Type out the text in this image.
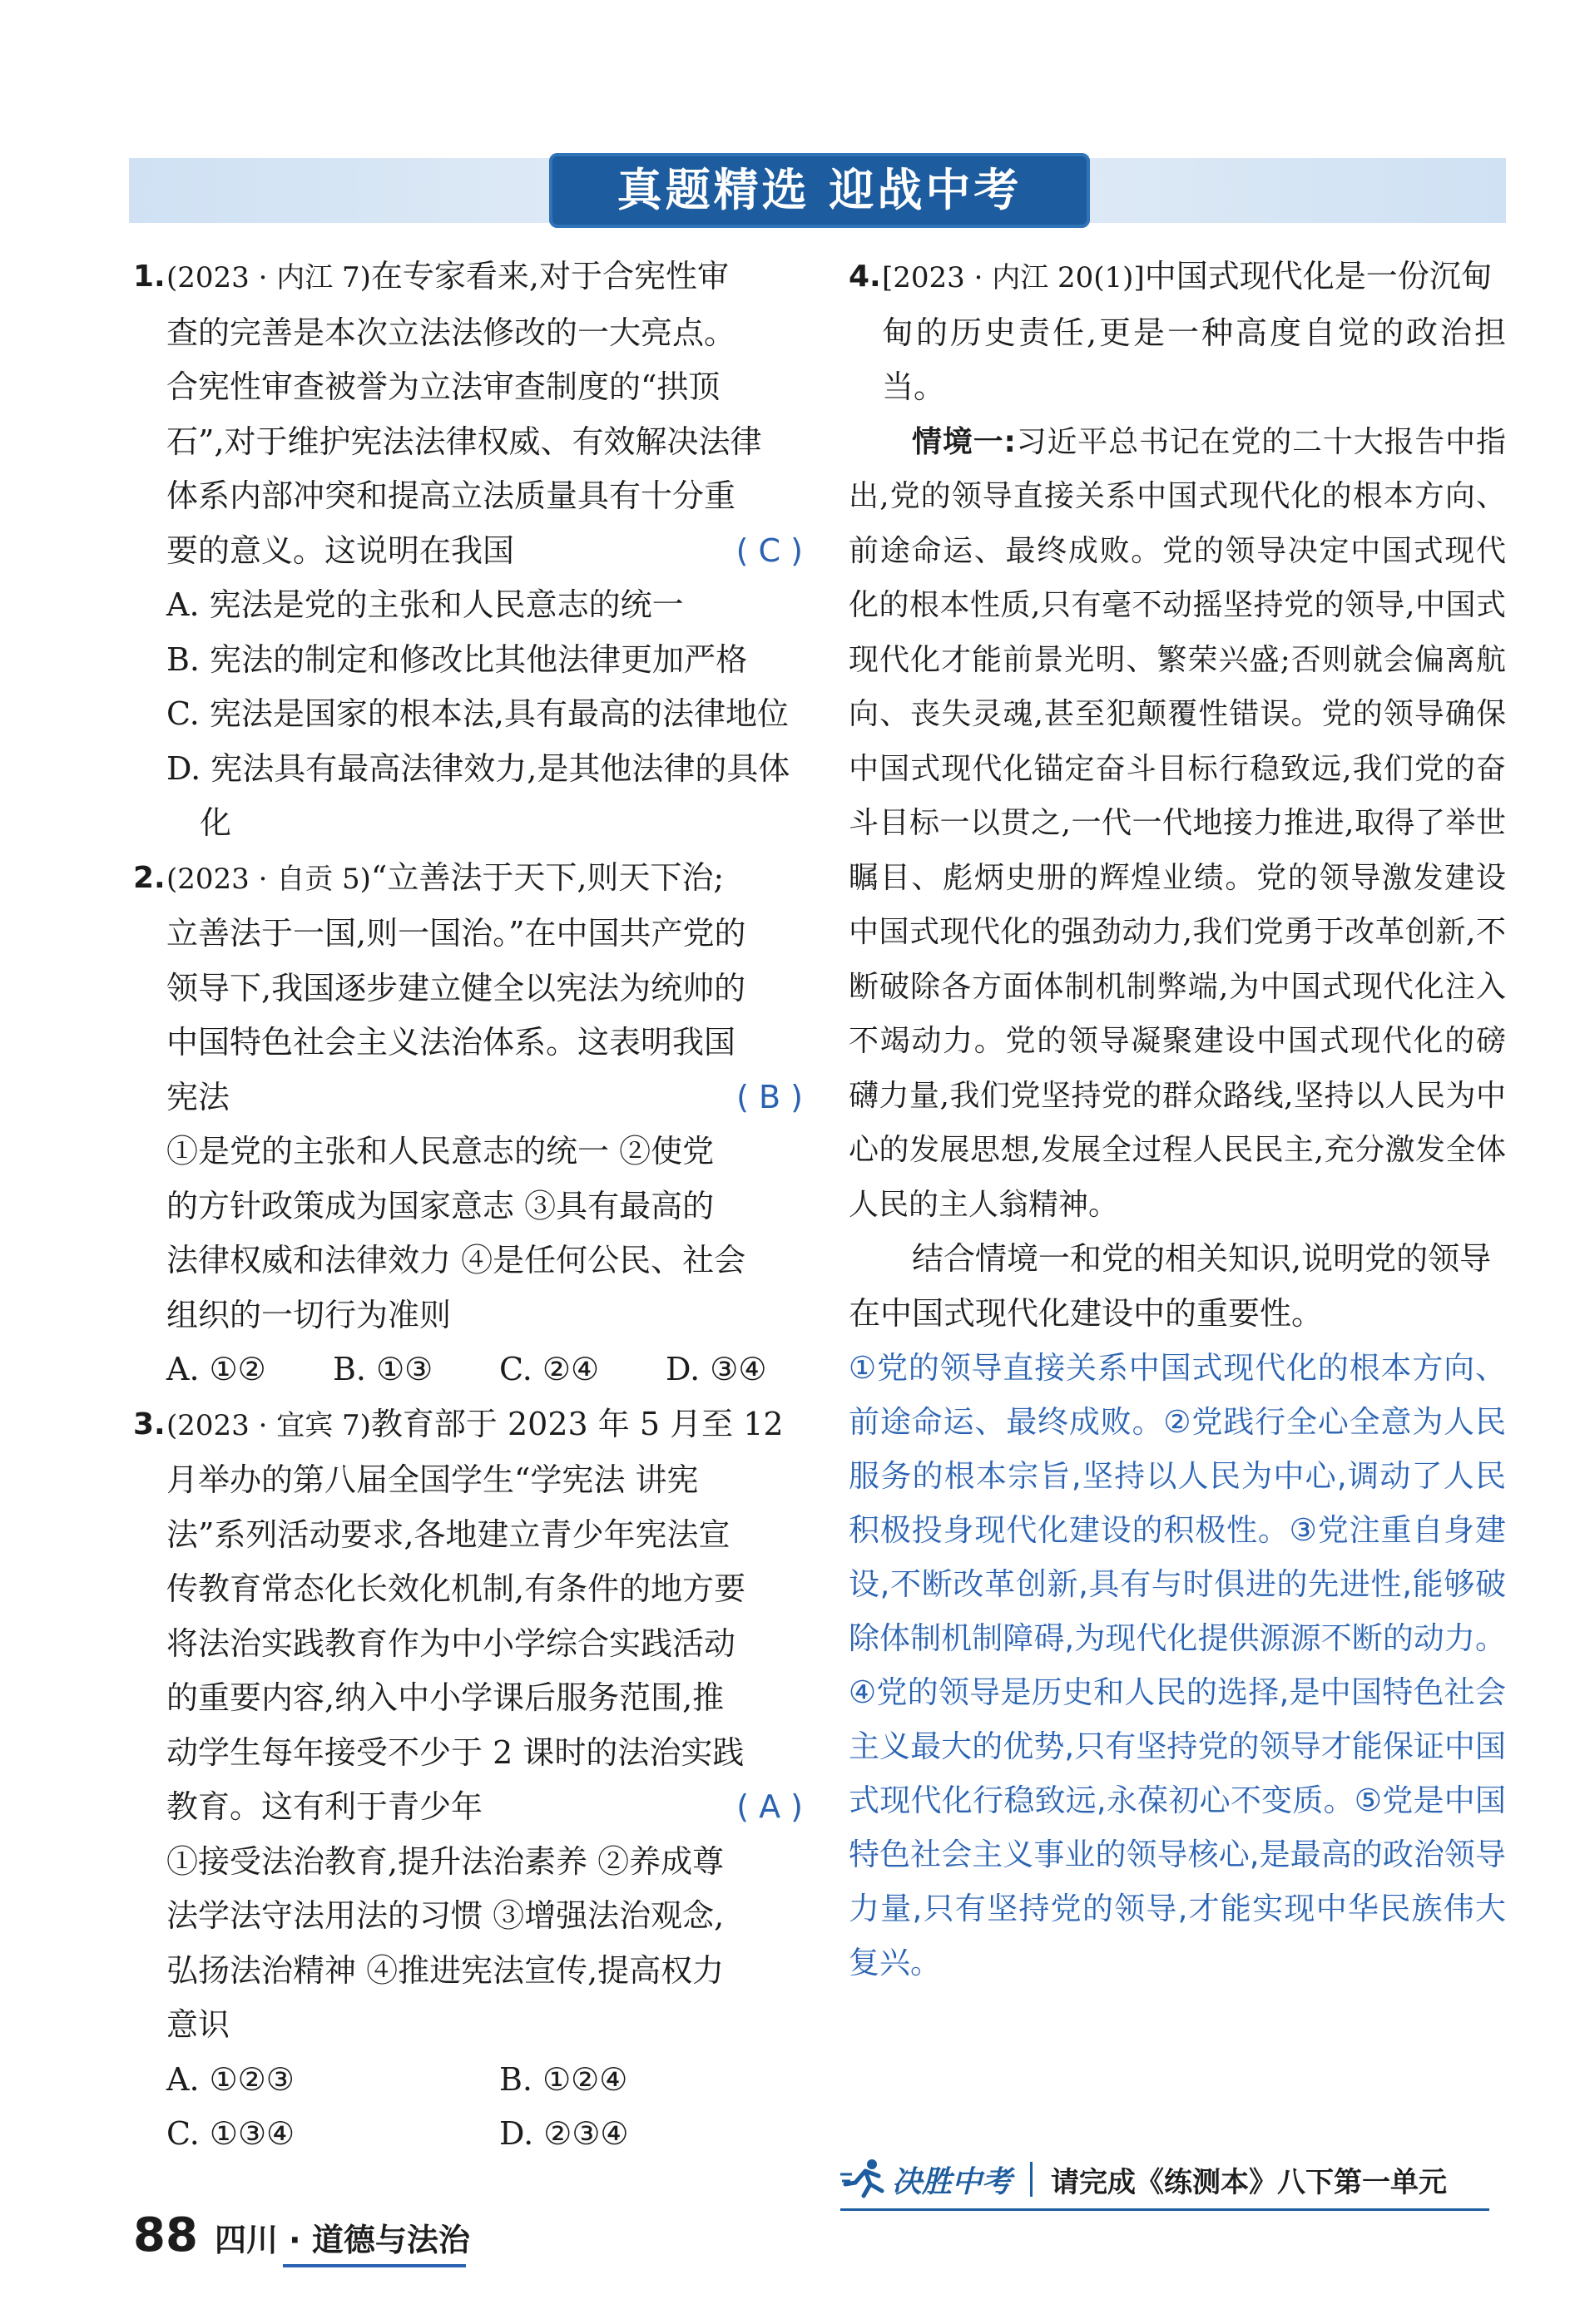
真题精选 迎战中考
1. (2023 · 内江 7)在专家看来,对于合宪性审
查的完善是本次立法法修改的一大亮点。
合宪性审查被誉为立法审查制度的“拱顶
石”,对于维护宪法法律权威、有效解决法律
体系内部冲突和提高立法质量具有十分重

要的意义。这说明在我国	( C )
A. 宪法是党的主张和人民意志的统一
B. 宪法的制定和修改比其他法律更加严格
C. 宪法是国家的根本法,具有最高的法律地位
D. 宪法具有最高法律效力,是其他法律的具体化
2. (2023 · 自贡 5)“立善法于天下,则天下治;
立善法于一国,则一国治。”在中国共产党的
领导下,我国逐步建立健全以宪法为统帅的
中国特色社会主义法治体系。这表明我国

宪法	( B )
①是党的主张和人民意志的统一 ②使党
的方针政策成为国家意志 ③具有最高的
法律权威和法律效力 ④是任何公民、社会
组织的一切行为准则

A. ①②	B. ①③	C. ②④	D. ③④
3. (2023 · 宜宾 7)教育部于 2023 年 5 月至 12
月举办的第八届全国学生“学宪法 讲宪
法”系列活动要求,各地建立青少年宪法宣
传教育常态化长效化机制,有条件的地方要
将法治实践教育作为中小学综合实践活动
的重要内容,纳入中小学课后服务范围,推
动学生每年接受不少于 2 课时的法治实践

教育。这有利于青少年	( A )
①接受法治教育,提升法治素养 ②养成尊
法学法守法用法的习惯 ③增强法治观念,
弘扬法治精神 ④推进宪法宣传,提高权力
意识

A. ①②③	B. ①②④
C. ①③④	D. ②③④
4. [2023 · 内江 20(1)]中国式现代化是一份沉甸
甸的历史责任,更是一种高度自觉的政治担当。
情境一:习近平总书记在党的二十大报告中指出,党的领导直接关系中国式现代化的根本方向、前途命运、最终成败。党的领导决定中国式现代化的根本性质,只有毫不动摇坚持党的领导,中国式现代化才能前景光明、繁荣兴盛;否则就会偏离航向、丧失灵魂,甚至犯颠覆性错误。党的领导确保中国式现代化锚定奋斗目标行稳致远,我们党的奋斗目标一以贯之,一代一代地接力推进,取得了举世瞩目、彪炳史册的辉煌业绩。党的领导激发建设中国式现代化的强劲动力,我们党勇于改革创新,不断破除各方面体制机制弊端,为中国式现代化注入不竭动力。党的领导凝聚建设中国式现代化的磅礴力量,我们党坚持党的群众路线,坚持以人民为中心的发展思想,发展全过程人民民主,充分激发全体人民的主人翁精神。
结合情境一和党的相关知识,说明党的领导在中国式现代化建设中的重要性。
①党的领导直接关系中国式现代化的根本方向、前途命运、最终成败。②党践行全心全意为人民服务的根本宗旨,坚持以人民为中心,调动了人民积极投身现代化建设的积极性。③党注重自身建设,不断改革创新,具有与时俱进的先进性,能够破除体制机制障碍,为现代化提供源源不断的动力。④党的领导是历史和人民的选择,是中国特色社会主义最大的优势,只有坚持党的领导才能保证中国式现代化行稳致远,永葆初心不变质。⑤党是中国特色社会主义事业的领导核心,是最高的政治领导力量,只有坚持党的领导,才能实现中华民族伟大复兴。
88 四川 · 道德与法治
决胜中考 请完成《练测本》八下第一单元
